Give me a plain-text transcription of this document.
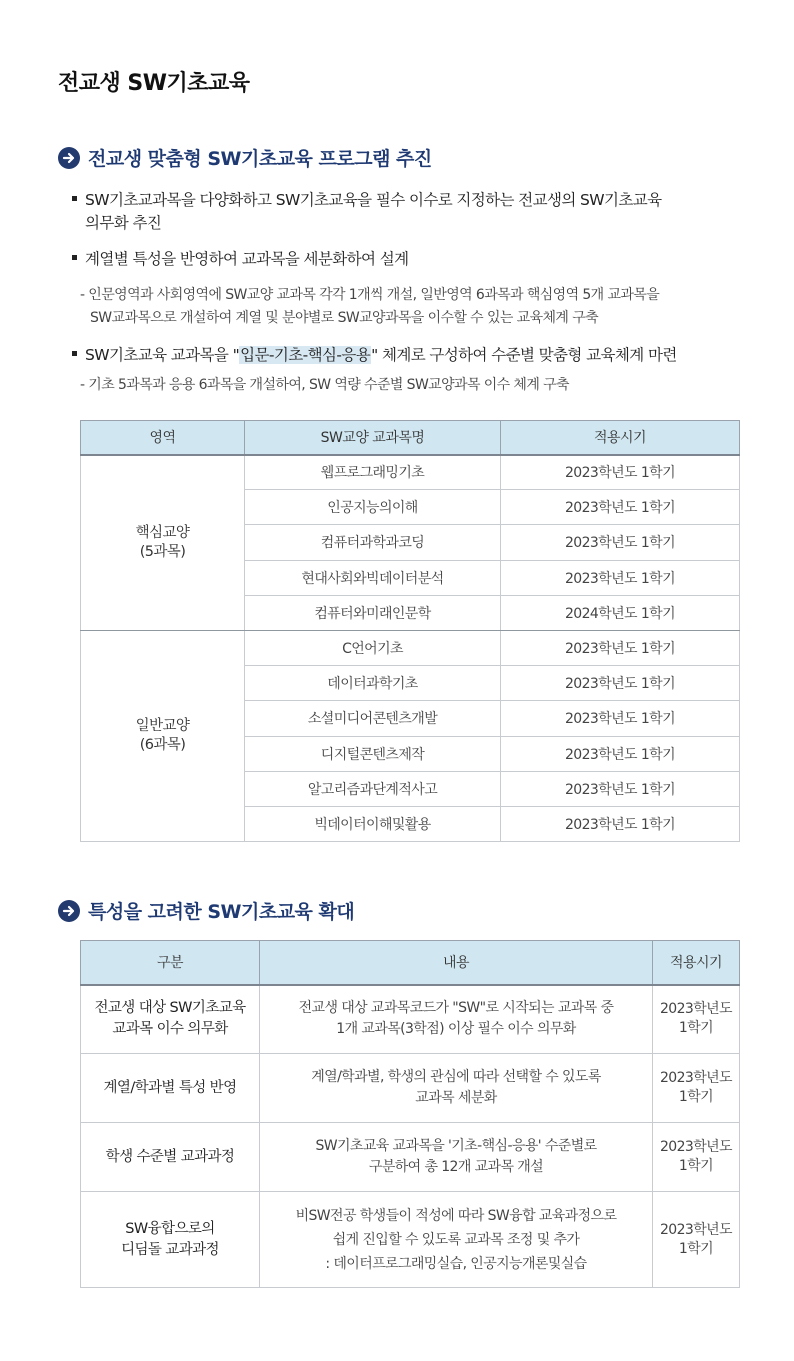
전교생 SW기초교육
전교생 맞춤형 SW기초교육 프로그램 추진
SW기초교과목을 다양화하고 SW기초교육을 필수 이수로 지정하는 전교생의 SW기초교육
의무화 추진
계열별 특성을 반영하여 교과목을 세분화하여 설계
- 인문영역과 사회영역에 SW교양 교과목 각각 1개씩 개설, 일반영역 6과목과 핵심영역 5개 교과목을
SW교과목으로 개설하여 계열 및 분야별로 SW교양과목을 이수할 수 있는 교육체계 구축
SW기초교육 교과목을 "입문-기초-핵심-응용" 체계로 구성하여 수준별 맞춤형 교육체계 마련
- 기초 5과목과 응용 6과목을 개설하여, SW 역량 수준별 SW교양과목 이수 체계 구축
영역	SW교양 교과목명	적용시기
핵심교양
(5과목)	웹프로그래밍기초	2023학년도 1학기
	인공지능의이해	2023학년도 1학기
	컴퓨터과학과코딩	2023학년도 1학기
	현대사회와빅데이터분석	2023학년도 1학기
	컴퓨터와미래인문학	2024학년도 1학기
일반교양
(6과목)	C언어기초	2023학년도 1학기
	데이터과학기초	2023학년도 1학기
	소셜미디어콘텐츠개발	2023학년도 1학기
	디지털콘텐츠제작	2023학년도 1학기
	알고리즘과단계적사고	2023학년도 1학기
	빅데이터이해및활용	2023학년도 1학기
특성을 고려한 SW기초교육 확대
구분	내용	적용시기
전교생 대상 SW기초교육
교과목 이수 의무화	전교생 대상 교과목코드가 "SW"로 시작되는 교과목 중
1개 교과목(3학점) 이상 필수 이수 의무화	2023학년도
1학기
계열/학과별 특성 반영	계열/학과별, 학생의 관심에 따라 선택할 수 있도록
교과목 세분화	2023학년도
1학기
학생 수준별 교과과정	SW기초교육 교과목을 '기초-핵심-응용' 수준별로
구분하여 총 12개 교과목 개설	2023학년도
1학기
SW융합으로의
디딤돌 교과과정	비SW전공 학생들이 적성에 따라 SW융합 교육과정으로
쉽게 진입할 수 있도록 교과목 조정 및 추가
: 데이터프로그래밍실습, 인공지능개론및실습	2023학년도
1학기
